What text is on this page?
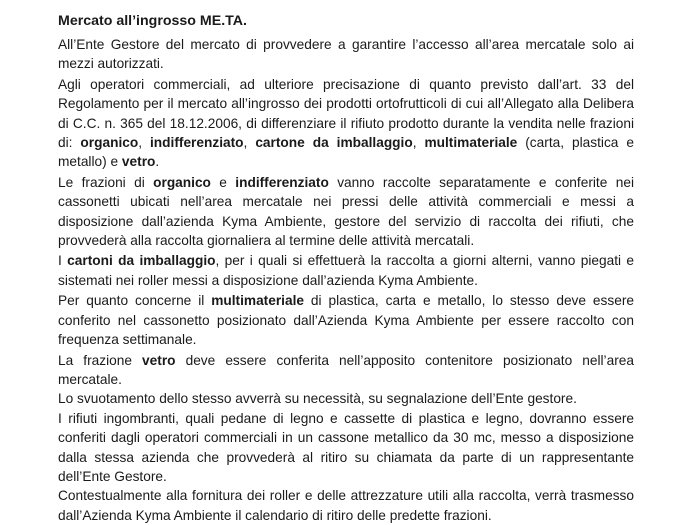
Mercato all’ingrosso ME.TA.

All’Ente Gestore del mercato di provvedere a garantire l’accesso all’area mercatale solo ai mezzi autorizzati.

Agli operatori commerciali, ad ulteriore precisazione di quanto previsto dall’art. 33 del Regolamento per il mercato all’ingrosso dei prodotti ortofrutticoli di cui all’Allegato alla Delibera di C.C. n. 365 del 18.12.2006, di differenziare il rifiuto prodotto durante la vendita nelle frazioni di: organico, indifferenziato, cartone da imballaggio, multimateriale (carta, plastica e metallo) e vetro.

Le frazioni di organico e indifferenziato vanno raccolte separatamente e conferite nei cassonetti ubicati nell’area mercatale nei pressi delle attività commerciali e messi a disposizione dall’azienda Kyma Ambiente, gestore del servizio di raccolta dei rifiuti, che provvederà alla raccolta giornaliera al termine delle attività mercatali.

I cartoni da imballaggio, per i quali si effettuerà la raccolta a giorni alterni, vanno piegati e sistemati nei roller messi a disposizione dall’azienda Kyma Ambiente.

Per quanto concerne il multimateriale di plastica, carta e metallo, lo stesso deve essere conferito nel cassonetto posizionato dall’Azienda Kyma Ambiente per essere raccolto con frequenza settimanale.

La frazione vetro deve essere conferita nell’apposito contenitore posizionato nell’area mercatale.

Lo svuotamento dello stesso avverrà su necessità, su segnalazione dell’Ente gestore.

I rifiuti ingombranti, quali pedane di legno e cassette di plastica e legno, dovranno essere conferiti dagli operatori commerciali in un cassone metallico da 30 mc, messo a disposizione dalla stessa azienda che provvederà al ritiro su chiamata da parte di un rappresentante dell’Ente Gestore.

Contestualmente alla fornitura dei roller e delle attrezzature utili alla raccolta, verrà trasmesso dall’Azienda Kyma Ambiente il calendario di ritiro delle predette frazioni.
